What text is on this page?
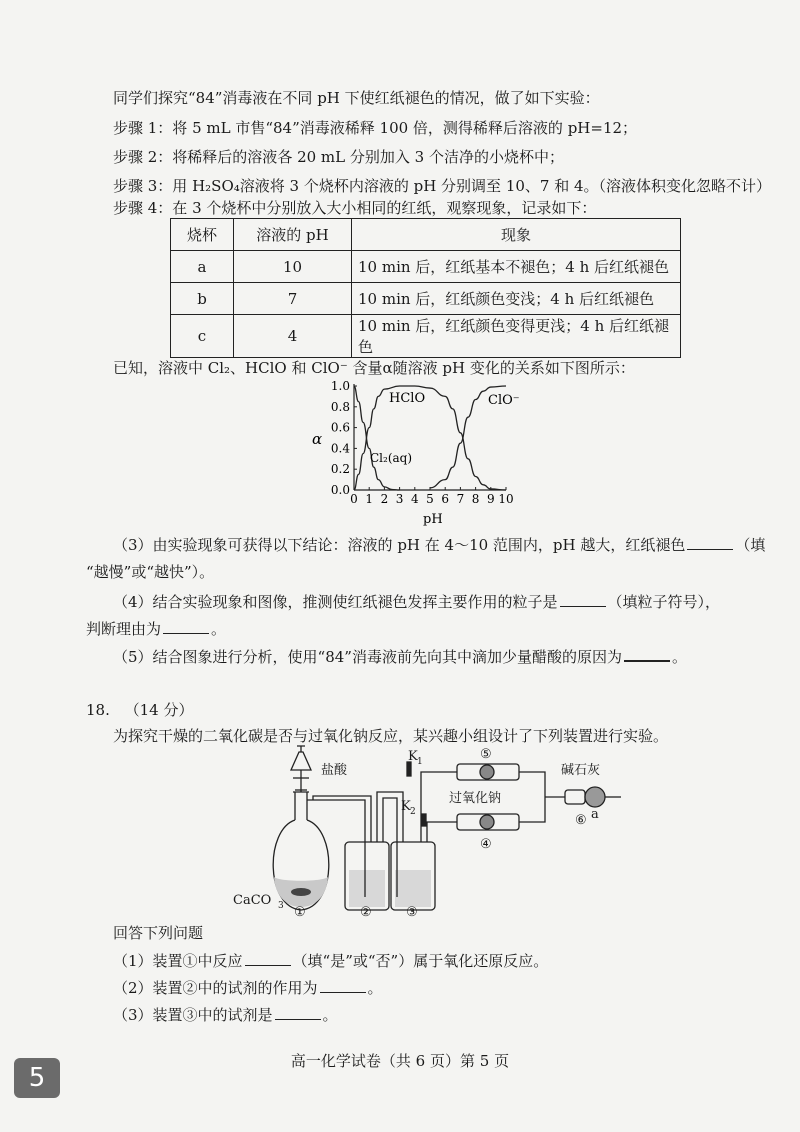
同学们探究“84”消毒液在不同 pH 下使红纸褪色的情况，做了如下实验：
步骤 1：将 5 mL 市售“84”消毒液稀释 100 倍，测得稀释后溶液的 pH=12；
步骤 2：将稀释后的溶液各 20 mL 分别加入 3 个洁净的小烧杯中；
步骤 3：用 H₂SO₄溶液将 3 个烧杯内溶液的 pH 分别调至 10、7 和 4。（溶液体积变化忽略不计）
步骤 4：在 3 个烧杯中分别放入大小相同的红纸，观察现象，记录如下：
烧杯	溶液的 pH	现象
a	10	10 min 后，红纸基本不褪色；4 h 后红纸褪色
b	7	10 min 后，红纸颜色变浅；4 h 后红纸褪色
c	4	10 min 后，红纸颜色变得更浅；4 h 后红纸褪色
已知，溶液中 Cl₂、HClO 和 ClO⁻ 含量α随溶液 pH 变化的关系如下图所示：
0 1 2 3 4 5 6 7 8 9 10
0.0
0.2
0.4
0.6
0.8
1.0
α
pH
HClO	ClO⁻
Cl₂(aq)
（3）由实验现象可获得以下结论：溶液的 pH 在 4～10 范围内，pH 越大，红纸褪色	（填
“越慢”或“越快”）。
（4）结合实验现象和图像，推测使红纸褪色发挥主要作用的粒子是	（填粒子符号），
判断理由为	。
（5）结合图象进行分析，使用“84”消毒液前先向其中滴加少量醋酸的原因为	。
18. （14 分）
为探究干燥的二氧化碳是否与过氧化钠反应，某兴趣小组设计了下列装置进行实验。
盐酸
K 1
K 2
过氧化钠
碱石灰
a
CaCO 3 ①	②	③
④
⑤
⑥
回答下列问题
（1）装置①中反应	（填“是”或“否”）属于氧化还原反应。
（2）装置②中的试剂的作用为	。
（3）装置③中的试剂是	。
高一化学试卷（共 6 页）第 5 页
5
